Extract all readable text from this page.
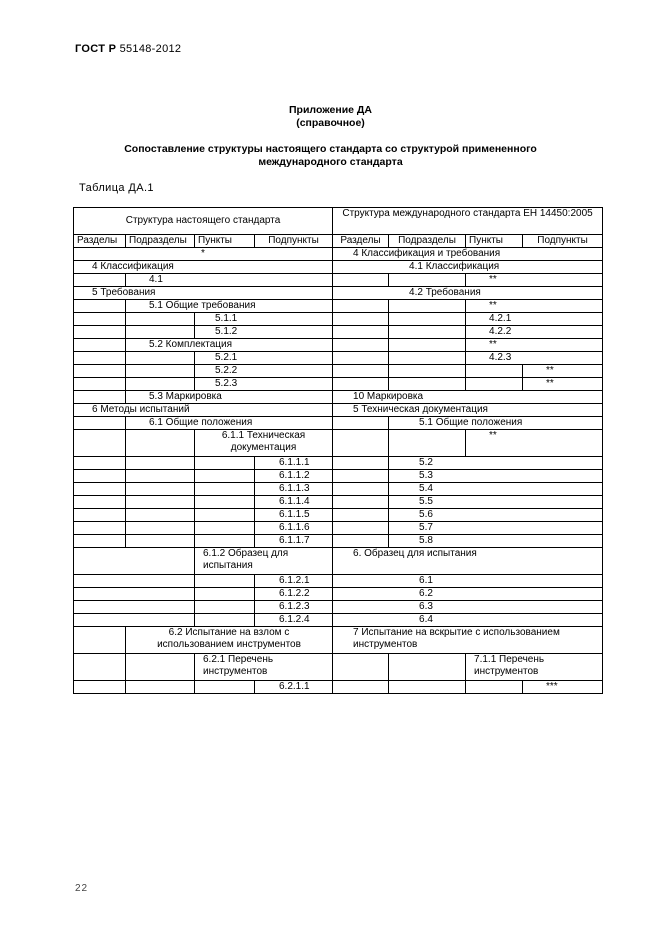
ГОСТ Р 55148-2012
Приложение ДА
(справочное)
Сопоставление структуры настоящего стандарта со структурой примененного
международного стандарта
Таблица ДА.1
Структура настоящего стандарта				Структура международного стандарта ЕН 14450:2005			
Разделы	Подразделы	Пункты	Подпункты	Разделы	Подразделы	Пункты	Подпункты
*				4 Классификация и требования			
4 Классификация				4.1 Классификация			
	4.1					**	
5 Требования				4.2 Требования			
	5.1 Общие требования					**	
		5.1.1				4.2.1	
		5.1.2				4.2.2	
	5.2 Комплектация					**	
		5.2.1				4.2.3	
		5.2.2					**
		5.2.3					**
	5.3 Маркировка			10 Маркировка			
6 Методы испытаний				5 Техническая документация			
	6.1 Общие положения				5.1 Общие положения		
		6.1.1 Техническая документация				**	
			6.1.1.1		5.2		
			6.1.1.2		5.3		
			6.1.1.3		5.4		
			6.1.1.4		5.5		
			6.1.1.5		5.6		
			6.1.1.6		5.7		
			6.1.1.7		5.8		
		6.1.2 Образец для испытания		6. Образец для испытания			
			6.1.2.1	6.1			
			6.1.2.2	6.2			
			6.1.2.3	6.3			
			6.1.2.4	6.4			
	6.2 Испытание на взлом с использованием инструментов			7 Испытание на вскрытие с использованием инструментов			
		6.2.1 Перечень инструментов				7.1.1 Перечень инструментов	
			6.2.1.1				***
22
